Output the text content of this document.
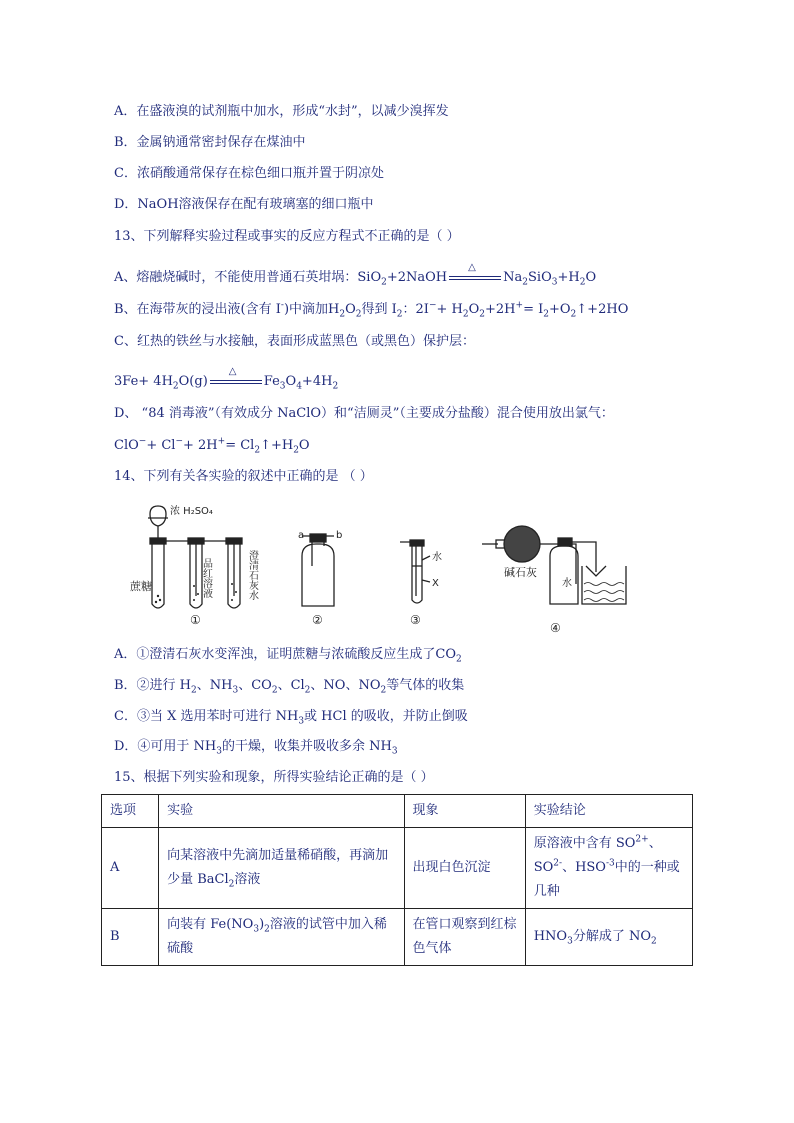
A．在盛液溴的试剂瓶中加水，形成“水封”，以减少溴挥发
B．金属钠通常密封保存在煤油中
C．浓硝酸通常保存在棕色细口瓶并置于阴凉处
D．NaOH溶液保存在配有玻璃塞的细口瓶中
13、下列解释实验过程或事实的反应方程式不正确的是（ ）
A、熔融烧碱时，不能使用普通石英坩埚：SiO$_2$+2NaOH
△
$Na_2SiO_3+H_2O$
B、在海带灰的浸出液(含有 I-)中滴加$H_2O_2$得到 $I_2$：$2I^-+ H_2O_2+2H^+=$ $I_2+O_2↑+2HO$
C、红热的铁丝与水接触，表面形成蓝黑色（或黑色）保护层：
$3Fe+ 4H_2O(g)$
△
$Fe_3O_4+4H_2$
D、 “84 消毒液”（有效成分 NaClO）和“洁厕灵”（主要成分盐酸）混合使用放出氯气：
$ClO^-+ Cl^-+ 2H^+= Cl_2↑+H_2O$
14、下列有关各实验的叙述中正确的是 （ ）
浓 H₂SO₄
蔗糖	品红溶液	澄清石灰水
①
a	b
②
水
X
③
碱石灰
水
④
A．①澄清石灰水变浑浊，证明蔗糖与浓硫酸反应生成了$CO_2$
B．②进行 $H_2$、$NH_3$、$CO_2$、$Cl_2$、NO、$NO_2$等气体的收集
C．③当 X 选用苯时可进行 $NH_3$或 HCl 的吸收，并防止倒吸
D．④可用于 $NH_3$的干燥，收集并吸收多余 $NH_3$
15、根据下列实验和现象，所得实验结论正确的是（ ）
选项	实验	现象	实验结论
A	向某溶液中先滴加适量稀硝酸，再滴加少量 BaCl$_2$溶液	出现白色沉淀	原溶液中含有 $SO^{2+}$、$SO^{2-}$、$HSO^{-3}$中的一种或几种
B	向装有 $Fe(NO_3)_2$溶液的试管中加入稀硫酸	在管口观察到红棕色气体	$HNO_3$分解成了 $NO_2$
